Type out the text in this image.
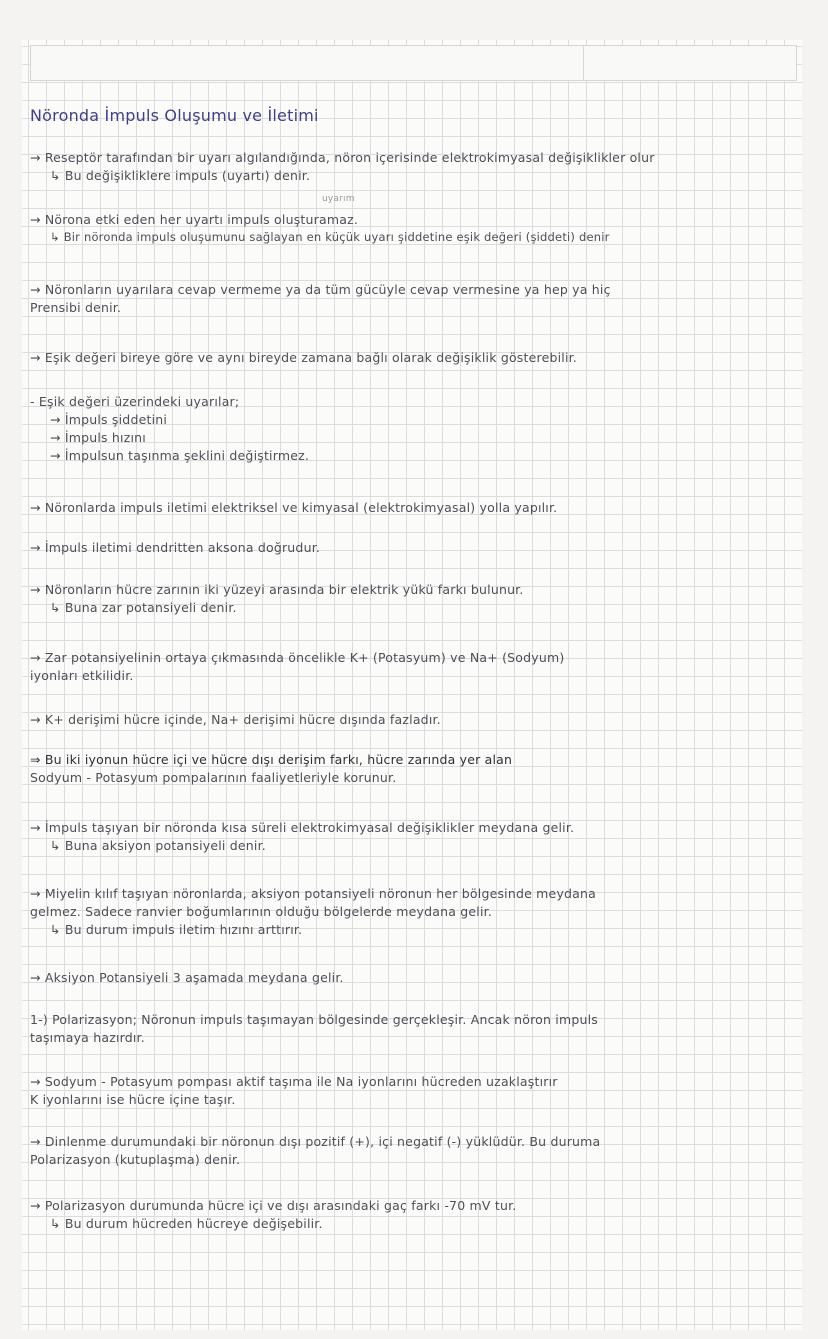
Nöronda İmpuls Oluşumu ve İletimi
→ Reseptör tarafından bir uyarı algılandığında, nöron içerisinde elektrokimyasal değişiklikler olur
↳ Bu değişikliklere impuls (uyartı) denir.
uyarım
→ Nörona etki eden her uyartı impuls oluşturamaz.
↳ Bir nöronda impuls oluşumunu sağlayan en küçük uyarı şiddetine eşik değeri (şiddeti) denir
→ Nöronların uyarılara cevap vermeme ya da tüm gücüyle cevap vermesine ya hep ya hiç
Prensibi denir.
→ Eşik değeri bireye göre ve aynı bireyde zamana bağlı olarak değişiklik gösterebilir.
- Eşik değeri üzerindeki uyarılar;
→ İmpuls şiddetini
→ İmpuls hızını
→ İmpulsun taşınma şeklini değiştirmez.
→ Nöronlarda impuls iletimi elektriksel ve kimyasal (elektrokimyasal) yolla yapılır.
→ İmpuls iletimi dendritten aksona doğrudur.
→ Nöronların hücre zarının iki yüzeyi arasında bir elektrik yükü farkı bulunur.
↳ Buna zar potansiyeli denir.
→ Zar potansiyelinin ortaya çıkmasında öncelikle K+ (Potasyum) ve Na+ (Sodyum)
iyonları etkilidir.
→ K+ derişimi hücre içinde, Na+ derişimi hücre dışında fazladır.
⇒ Bu iki iyonun hücre içi ve hücre dışı derişim farkı, hücre zarında yer alan
Sodyum - Potasyum pompalarının faaliyetleriyle korunur.
→ İmpuls taşıyan bir nöronda kısa süreli elektrokimyasal değişiklikler meydana gelir.
↳ Buna aksiyon potansiyeli denir.
→ Miyelin kılıf taşıyan nöronlarda, aksiyon potansiyeli nöronun her bölgesinde meydana
gelmez. Sadece ranvier boğumlarının olduğu bölgelerde meydana gelir.
↳ Bu durum impuls iletim hızını arttırır.
→ Aksiyon Potansiyeli 3 aşamada meydana gelir.
1-) Polarizasyon; Nöronun impuls taşımayan bölgesinde gerçekleşir. Ancak nöron impuls
taşımaya hazırdır.
→ Sodyum - Potasyum pompası aktif taşıma ile Na iyonlarını hücreden uzaklaştırır
K iyonlarını ise hücre içine taşır.
→ Dinlenme durumundaki bir nöronun dışı pozitif (+), içi negatif (-) yüklüdür. Bu duruma
Polarizasyon (kutuplaşma) denir.
→ Polarizasyon durumunda hücre içi ve dışı arasındaki gaç farkı -70 mV tur.
↳ Bu durum hücreden hücreye değişebilir.
